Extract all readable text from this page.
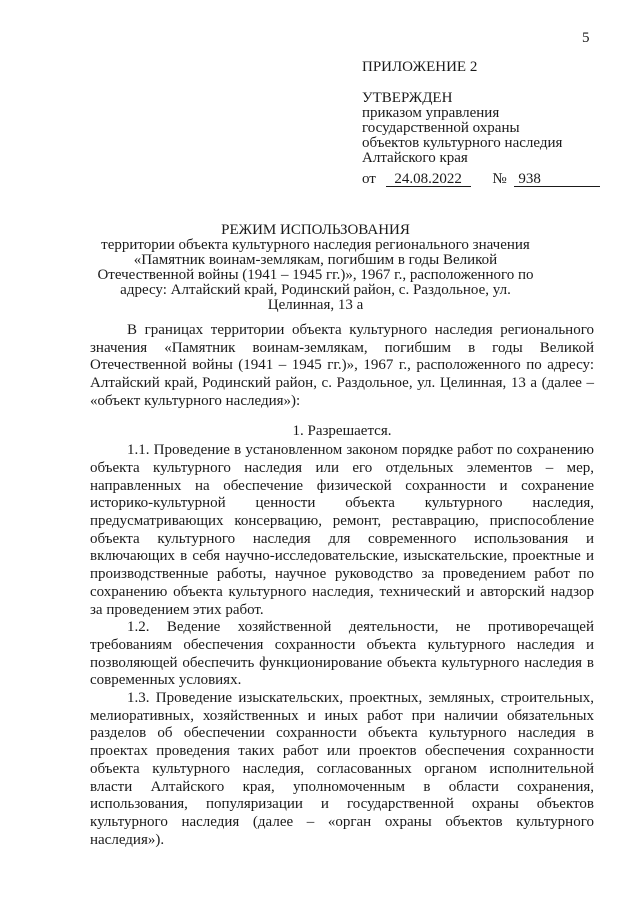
5
ПРИЛОЖЕНИЕ 2
УТВЕРЖДЕН
приказом управления
государственной охраны
объектов культурного наследия
Алтайского края
от 24.08.2022 № 938
РЕЖИМ ИСПОЛЬЗОВАНИЯ
территории объекта культурного наследия регионального значения «Памятник воинам-землякам, погибшим в годы Великой Отечественной войны (1941 – 1945 гг.)», 1967 г., расположенного по адресу: Алтайский край, Родинский район, с. Раздольное, ул. Целинная, 13 а

В границах территории объекта культурного наследия регионального значения «Памятник воинам-землякам, погибшим в годы Великой Отечественной войны (1941 – 1945 гг.)», 1967 г., расположенного по адресу: Алтайский край, Родинский район, с. Раздольное, ул. Целинная, 13 а (далее – «объект культурного наследия»):

1. Разрешается.

1.1. Проведение в установленном законом порядке работ по сохранению объекта культурного наследия или его отдельных элементов – мер, направленных на обеспечение физической сохранности и сохранение историко-культурной ценности объекта культурного наследия, предусматривающих консервацию, ремонт, реставрацию, приспособление объекта культурного наследия для современного использования и включающих в себя научно-исследовательские, изыскательские, проектные и производственные работы, научное руководство за проведением работ по сохранению объекта культурного наследия, технический и авторский надзор за проведением этих работ.

1.2. Ведение хозяйственной деятельности, не противоречащей требованиям обеспечения сохранности объекта культурного наследия и позволяющей обеспечить функционирование объекта культурного наследия в современных условиях.

1.3. Проведение изыскательских, проектных, земляных, строительных, мелиоративных, хозяйственных и иных работ при наличии обязательных разделов об обеспечении сохранности объекта культурного наследия в проектах проведения таких работ или проектов обеспечения сохранности объекта культурного наследия, согласованных органом исполнительной власти Алтайского края, уполномоченным в области сохранения, использования, популяризации и государственной охраны объектов культурного наследия (далее – «орган охраны объектов культурного наследия»).
